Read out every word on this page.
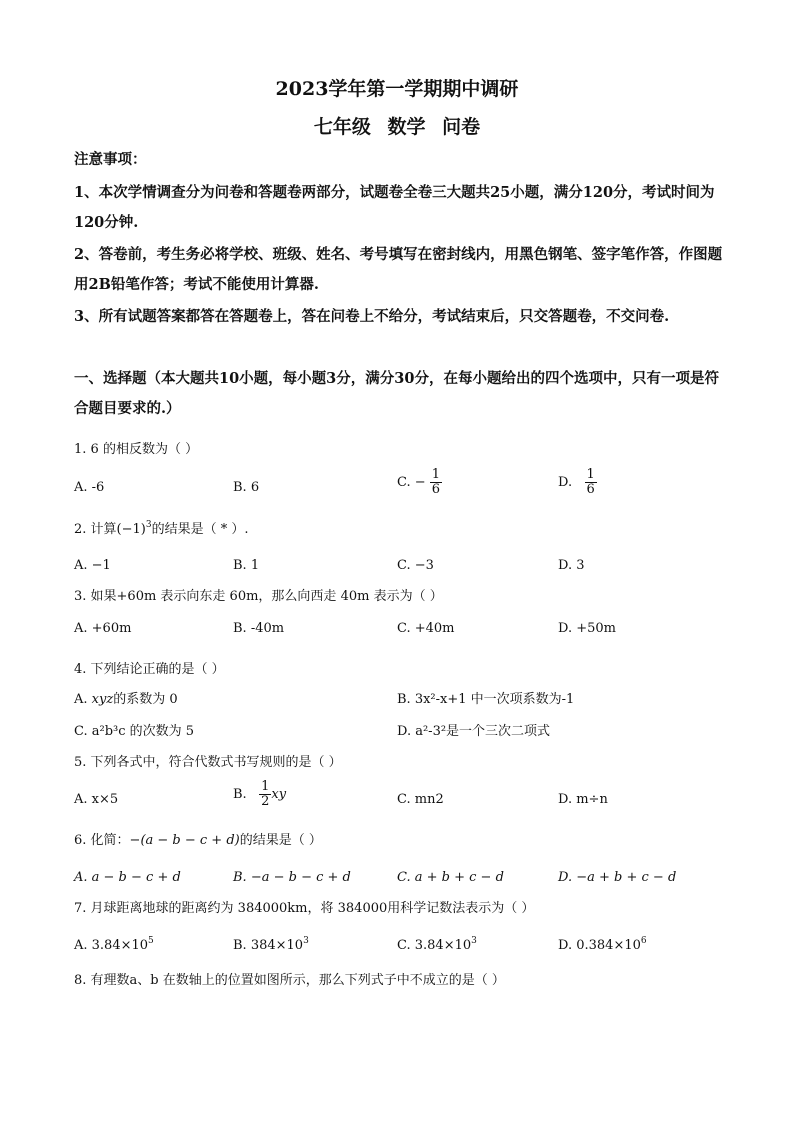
2023学年第一学期期中调研
七年级 数学 问卷
注意事项：
1、本次学情调查分为问卷和答题卷两部分，试题卷全卷三大题共25小题，满分120分，考试时间为120分钟.
2、答卷前，考生务必将学校、班级、姓名、考号填写在密封线内，用黑色钢笔、签字笔作答，作图题用2B铅笔作答；考试不能使用计算器.
3、所有试题答案都答在答题卷上，答在问卷上不给分，考试结束后，只交答题卷，不交问卷.
一、选择题（本大题共10小题，每小题3分，满分30分，在每小题给出的四个选项中，只有一项是符合题目要求的.）
1. 6 的相反数为（ ）
A. -6	B. 6	C. − $\frac{1}{6}$	D. $\frac{1}{6}$
2. 计算$(-1)^3$的结果是（ * ）.
A. −1	B. 1	C. −3	D. 3
3. 如果+60m 表示向东走 60m，那么向西走 40m 表示为（ ）
A. +60m	B. -40m	C. +40m	D. +50m
4. 下列结论正确的是（ ）
A. xyz的系数为 0	B. 3x²-x+1 中一次项系数为-1
C. a²b³c 的次数为 5	D. a²-3²是一个三次二项式
5. 下列各式中，符合代数式书写规则的是（ ）
A. x×5	B. $\frac{1}{2}$ xy	C. mn2	D. m÷n
6. 化简：−(a − b − c + d)的结果是（ ）
A. a − b − c + d	B. −a − b − c + d	C. a + b + c − d	D. −a + b + c − d
7. 月球距离地球的距离约为 384000km，将 384000用科学记数法表示为（ ）
A. $3.84\times 10^5$	B. $384\times 10^3$	C. $3.84\times 10^3$	D. $0.384\times 10^6$
8. 有理数a、b 在数轴上的位置如图所示，那么下列式子中不成立的是（ ）
